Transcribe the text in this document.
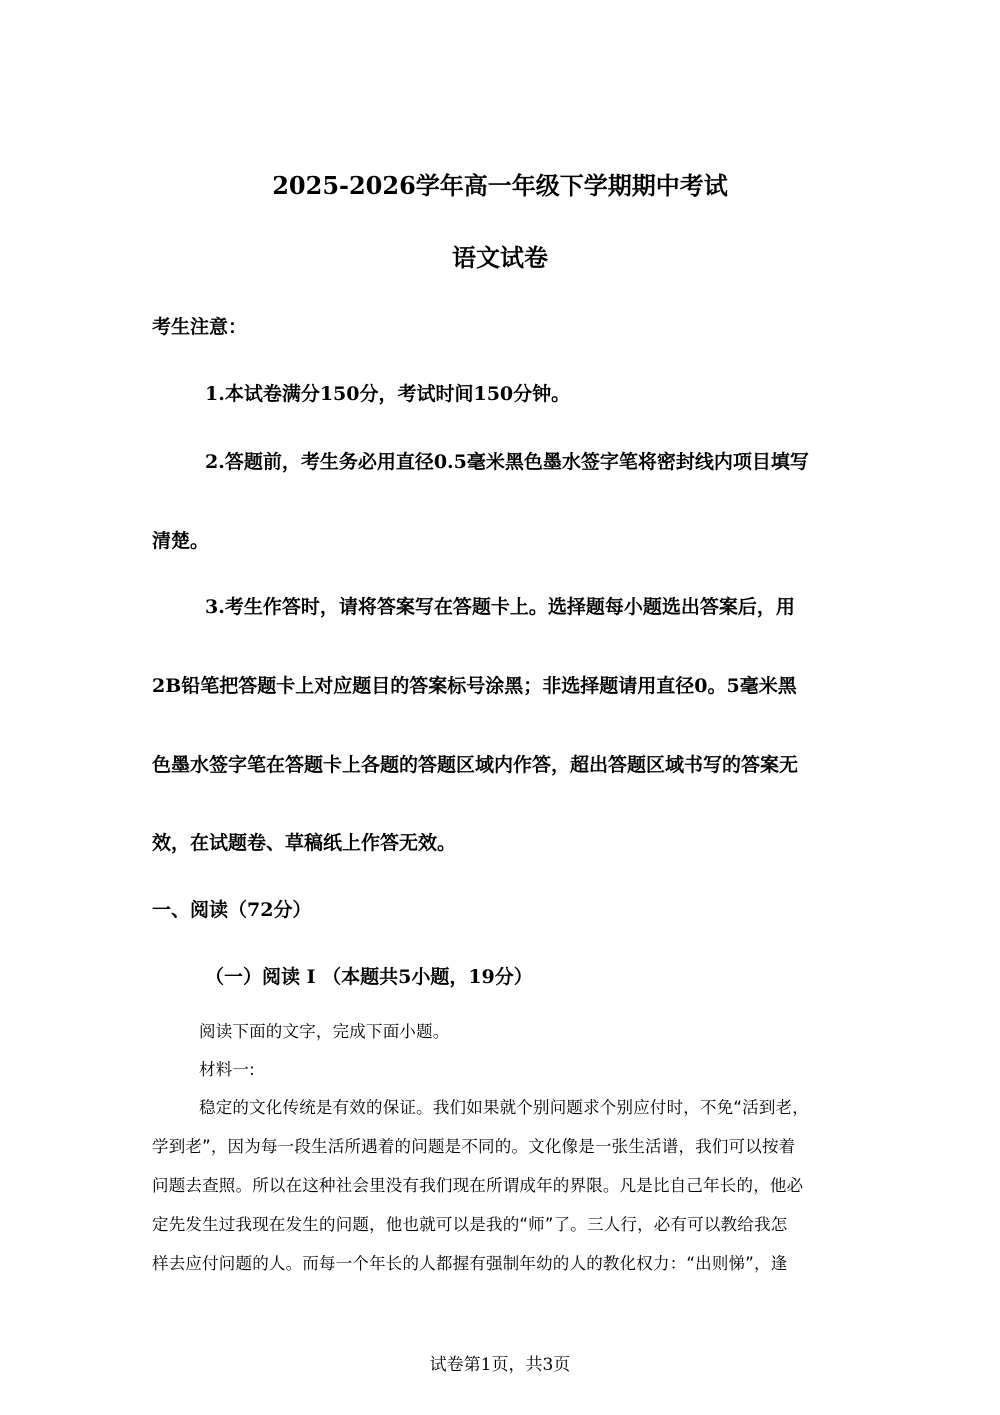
2025-2026学年高一年级下学期期中考试
语文试卷
考生注意：
1.本试卷满分150分，考试时间150分钟。
2.答题前，考生务必用直径0.5毫米黑色墨水签字笔将密封线内项目填写
清楚。
3.考生作答时，请将答案写在答题卡上。选择题每小题选出答案后，用
2B铅笔把答题卡上对应题目的答案标号涂黑；非选择题请用直径0。5毫米黑
色墨水签字笔在答题卡上各题的答题区域内作答，超出答题区域书写的答案无
效，在试题卷、草稿纸上作答无效。
一、阅读（72分）
（一）阅读 I （本题共5小题，19分）
阅读下面的文字，完成下面小题。
材料一:
稳定的文化传统是有效的保证。我们如果就个别问题求个别应付时，不免“活到老，
学到老”，因为每一段生活所遇着的问题是不同的。文化像是一张生活谱，我们可以按着
问题去查照。所以在这种社会里没有我们现在所谓成年的界限。凡是比自己年长的，他必
定先发生过我现在发生的问题，他也就可以是我的“师”了。三人行，必有可以教给我怎
样去应付问题的人。而每一个年长的人都握有强制年幼的人的教化权力：“出则悌”，逢
试卷第1页，共3页
